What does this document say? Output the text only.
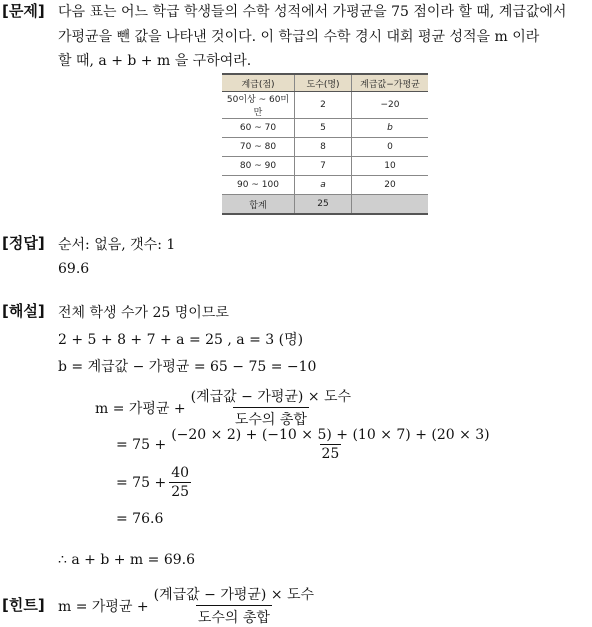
[문제] 다음 표는 어느 학급 학생들의 수학 성적에서 가평균을 75 점이라 할 때, 계급값에서
가평균을 뺀 값을 나타낸 것이다. 이 학급의 수학 경시 대회 평균 성적을 m 이라
할 때, a + b + m 을 구하여라.
계급(점)	도수(명)	계급값−가평균
50이상 ~ 60미만	2	−20
60 ~ 70	5	b
70 ~ 80	8	0
80 ~ 90	7	10
90 ~ 100	a	20
합계	25	
[정답] 순서: 없음, 갯수: 1
69.6
[해설] 전체 학생 수가 25 명이므로
2 + 5 + 8 + 7 + a = 25 , a = 3 (명)
b = 계급값 − 가평균 = 65 − 75 = −10
m = 가평균 + $\frac{\text{(계급값 − 가평균) × 도수}}{\text{도수의 총합}}$
= $75 + \frac{(-20 \times 2) + (-10 \times 5) + (10 \times 7) + (20 \times 3)}{25}$
= $75 + \frac{40}{25}$
= 76.6
∴ a + b + m = 69.6
[힌트] m = 가평균 + $\frac{\text{(계급값 − 가평균) × 도수}}{\text{도수의 총합}}$
